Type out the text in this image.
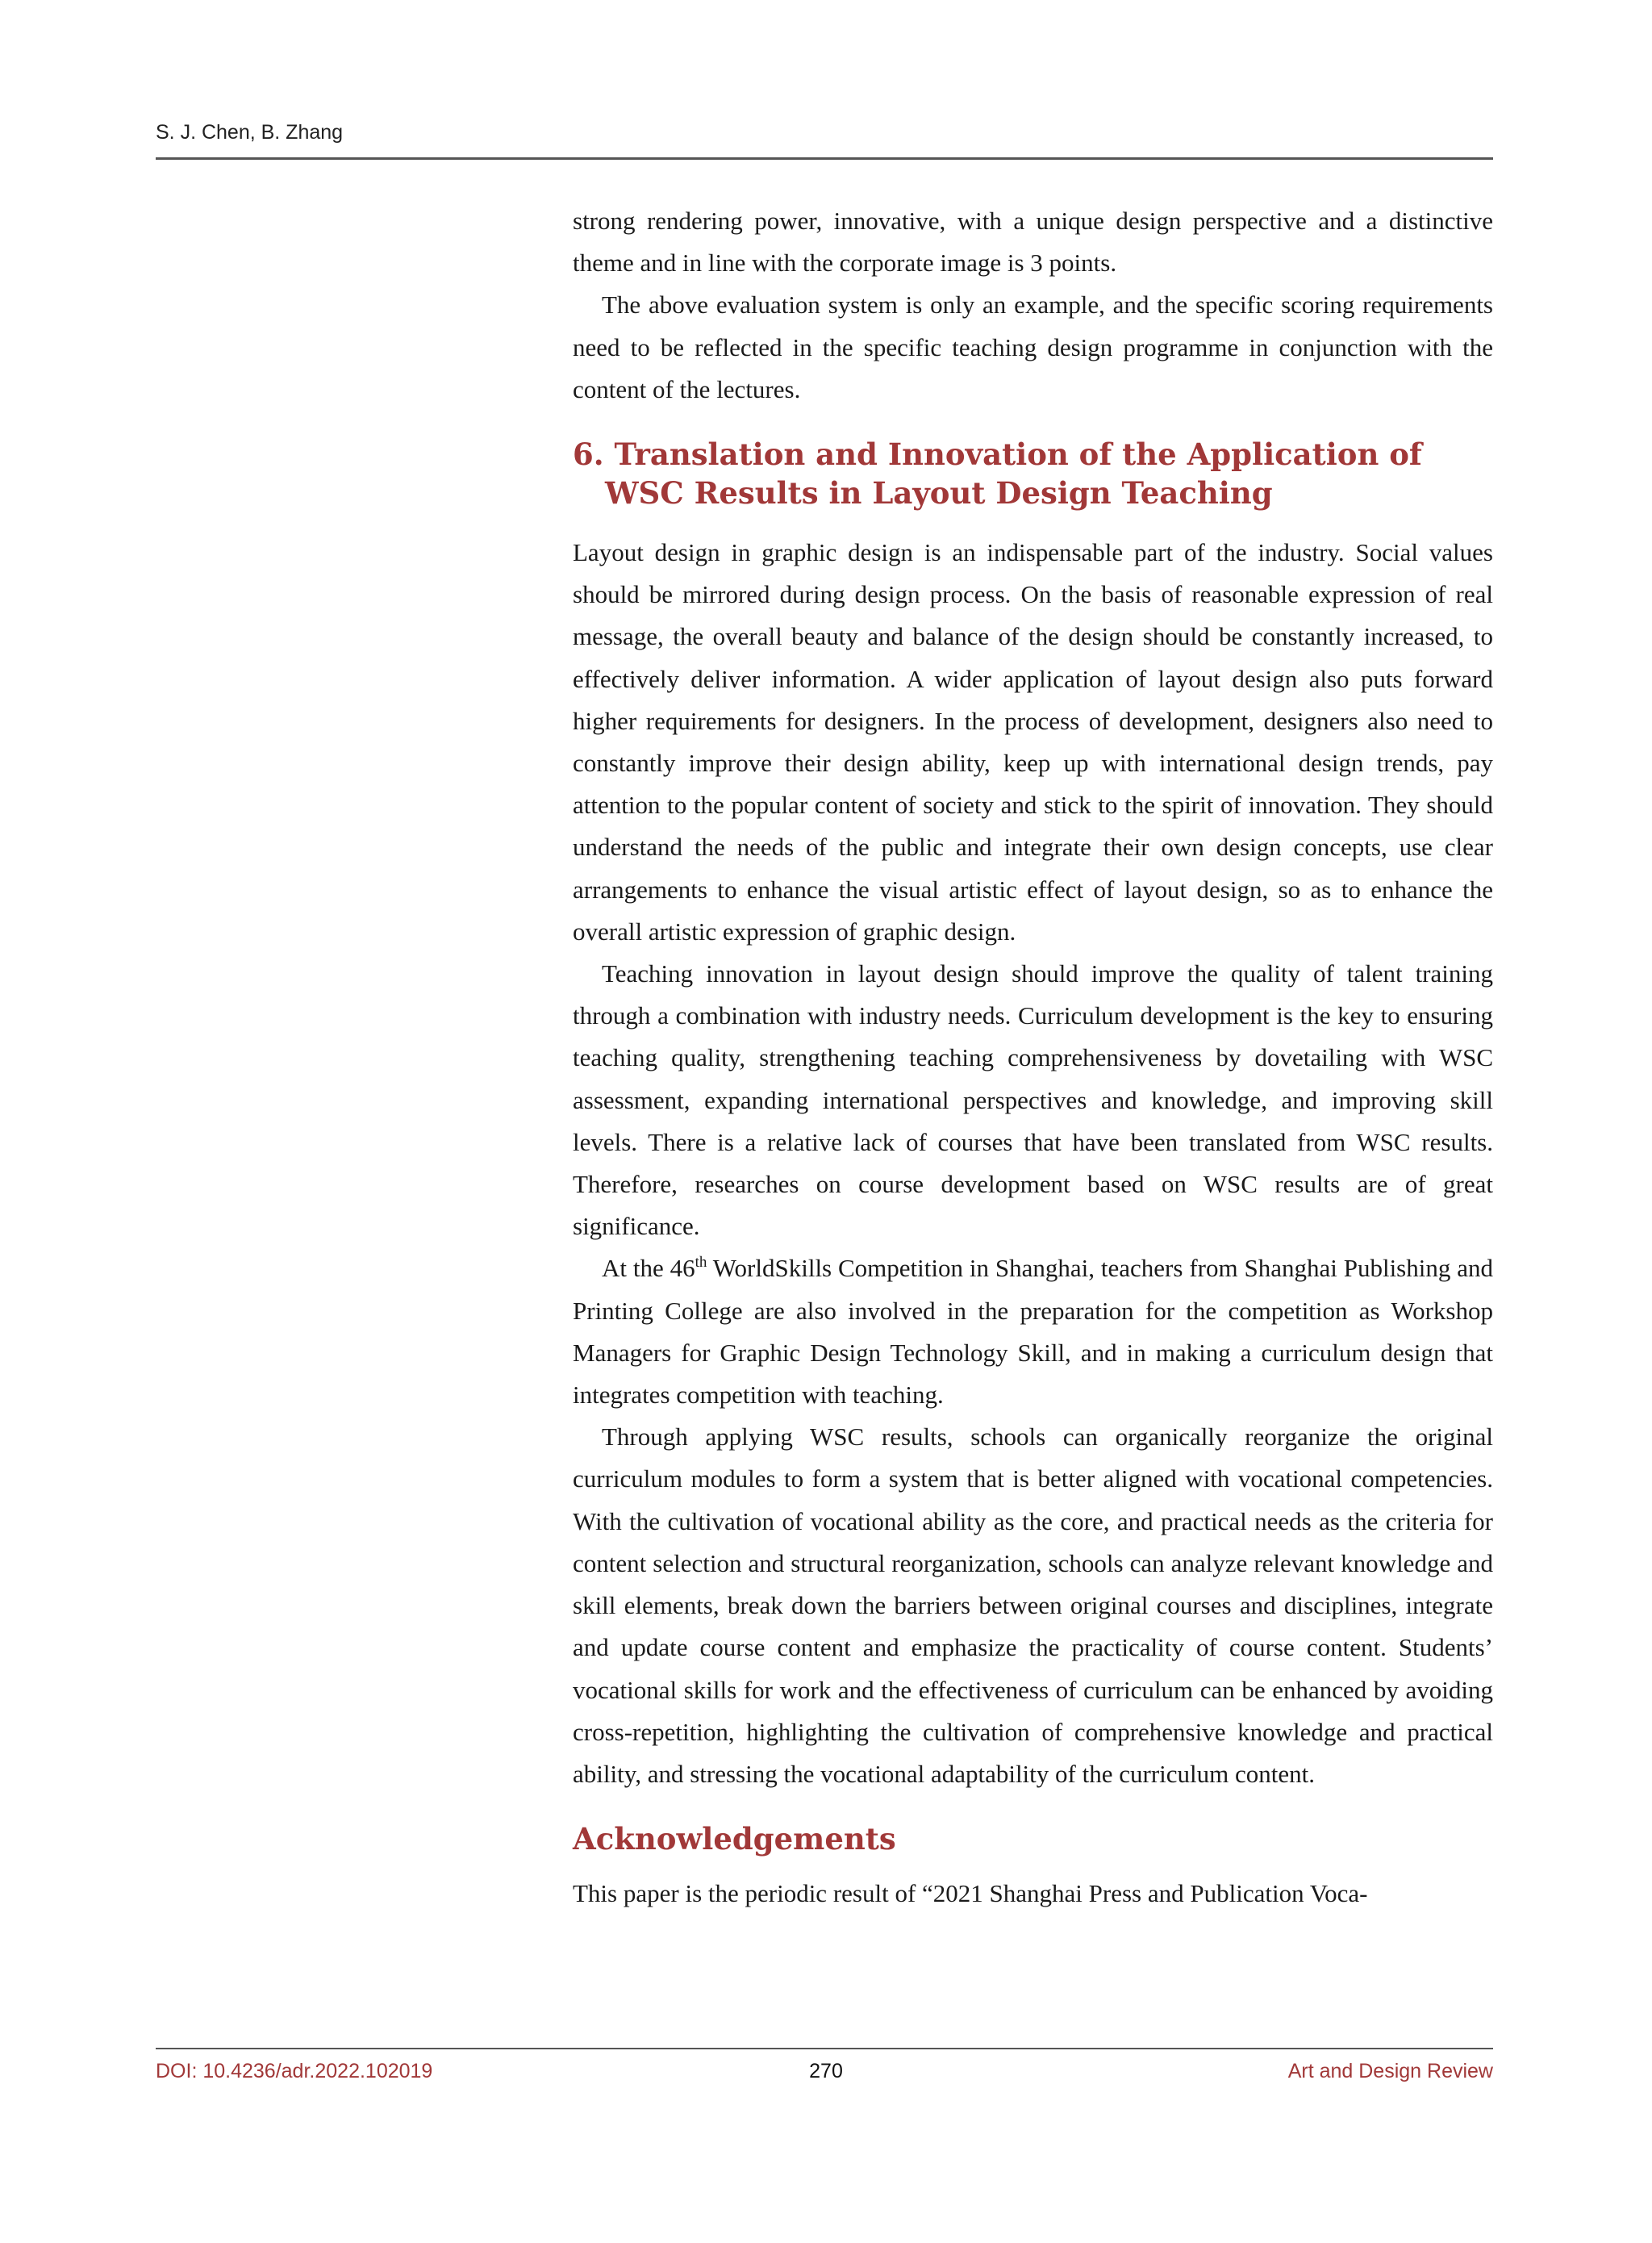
S. J. Chen, B. Zhang

strong rendering power, innovative, with a unique design perspective and a distinctive theme and in line with the corporate image is 3 points.

The above evaluation system is only an example, and the specific scoring requirements need to be reflected in the specific teaching design programme in conjunction with the content of the lectures.

6. Translation and Innovation of the Application of WSC Results in Layout Design Teaching

Layout design in graphic design is an indispensable part of the industry. Social values should be mirrored during design process. On the basis of reasonable expression of real message, the overall beauty and balance of the design should be constantly increased, to effectively deliver information. A wider application of layout design also puts forward higher requirements for designers. In the process of development, designers also need to constantly improve their design ability, keep up with international design trends, pay attention to the popular content of society and stick to the spirit of innovation. They should understand the needs of the public and integrate their own design concepts, use clear arrangements to enhance the visual artistic effect of layout design, so as to enhance the overall artistic expression of graphic design.

Teaching innovation in layout design should improve the quality of talent training through a combination with industry needs. Curriculum development is the key to ensuring teaching quality, strengthening teaching comprehensiveness by dovetailing with WSC assessment, expanding international perspectives and knowledge, and improving skill levels. There is a relative lack of courses that have been translated from WSC results. Therefore, researches on course development based on WSC results are of great significance.

At the 46th WorldSkills Competition in Shanghai, teachers from Shanghai Publishing and Printing College are also involved in the preparation for the competition as Workshop Managers for Graphic Design Technology Skill, and in making a curriculum design that integrates competition with teaching.

Through applying WSC results, schools can organically reorganize the original curriculum modules to form a system that is better aligned with vocational competencies. With the cultivation of vocational ability as the core, and practical needs as the criteria for content selection and structural reorganization, schools can analyze relevant knowledge and skill elements, break down the barriers between original courses and disciplines, integrate and update course content and emphasize the practicality of course content. Students’ vocational skills for work and the effectiveness of curriculum can be enhanced by avoiding cross-repetition, highlighting the cultivation of comprehensive knowledge and practical ability, and stressing the vocational adaptability of the curriculum content.

Acknowledgements

This paper is the periodic result of “2021 Shanghai Press and Publication Voca-

DOI: 10.4236/adr.2022.102019	270	Art and Design Review
